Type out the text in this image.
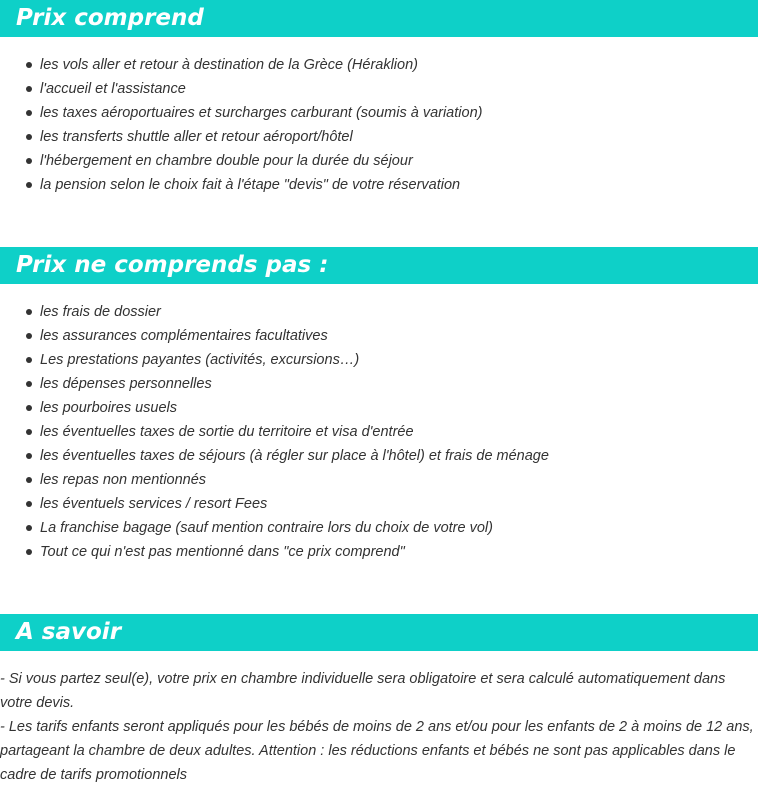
Prix comprend
les vols aller et retour à destination de la Grèce (Héraklion)
l'accueil et l'assistance
les taxes aéroportuaires et surcharges carburant (soumis à variation)
les transferts shuttle aller et retour aéroport/hôtel
l'hébergement en chambre double pour la durée du séjour
la pension selon le choix fait à l'étape "devis" de votre réservation
Prix ne comprends pas :
les frais de dossier
les assurances complémentaires facultatives
Les prestations payantes (activités, excursions…)
les dépenses personnelles
les pourboires usuels
les éventuelles taxes de sortie du territoire et visa d'entrée
les éventuelles taxes de séjours (à régler sur place à l'hôtel) et frais de ménage
les repas non mentionnés
les éventuels services / resort Fees
La franchise bagage (sauf mention contraire lors du choix de votre vol)
Tout ce qui n'est pas mentionné dans "ce prix comprend"
A savoir

- Si vous partez seul(e), votre prix en chambre individuelle sera obligatoire et sera calculé automatiquement dans votre devis.

- Les tarifs enfants seront appliqués pour les bébés de moins de 2 ans et/ou pour les enfants de 2 à moins de 12 ans, partageant la chambre de deux adultes. Attention : les réductions enfants et bébés ne sont pas applicables dans le cadre de tarifs promotionnels
